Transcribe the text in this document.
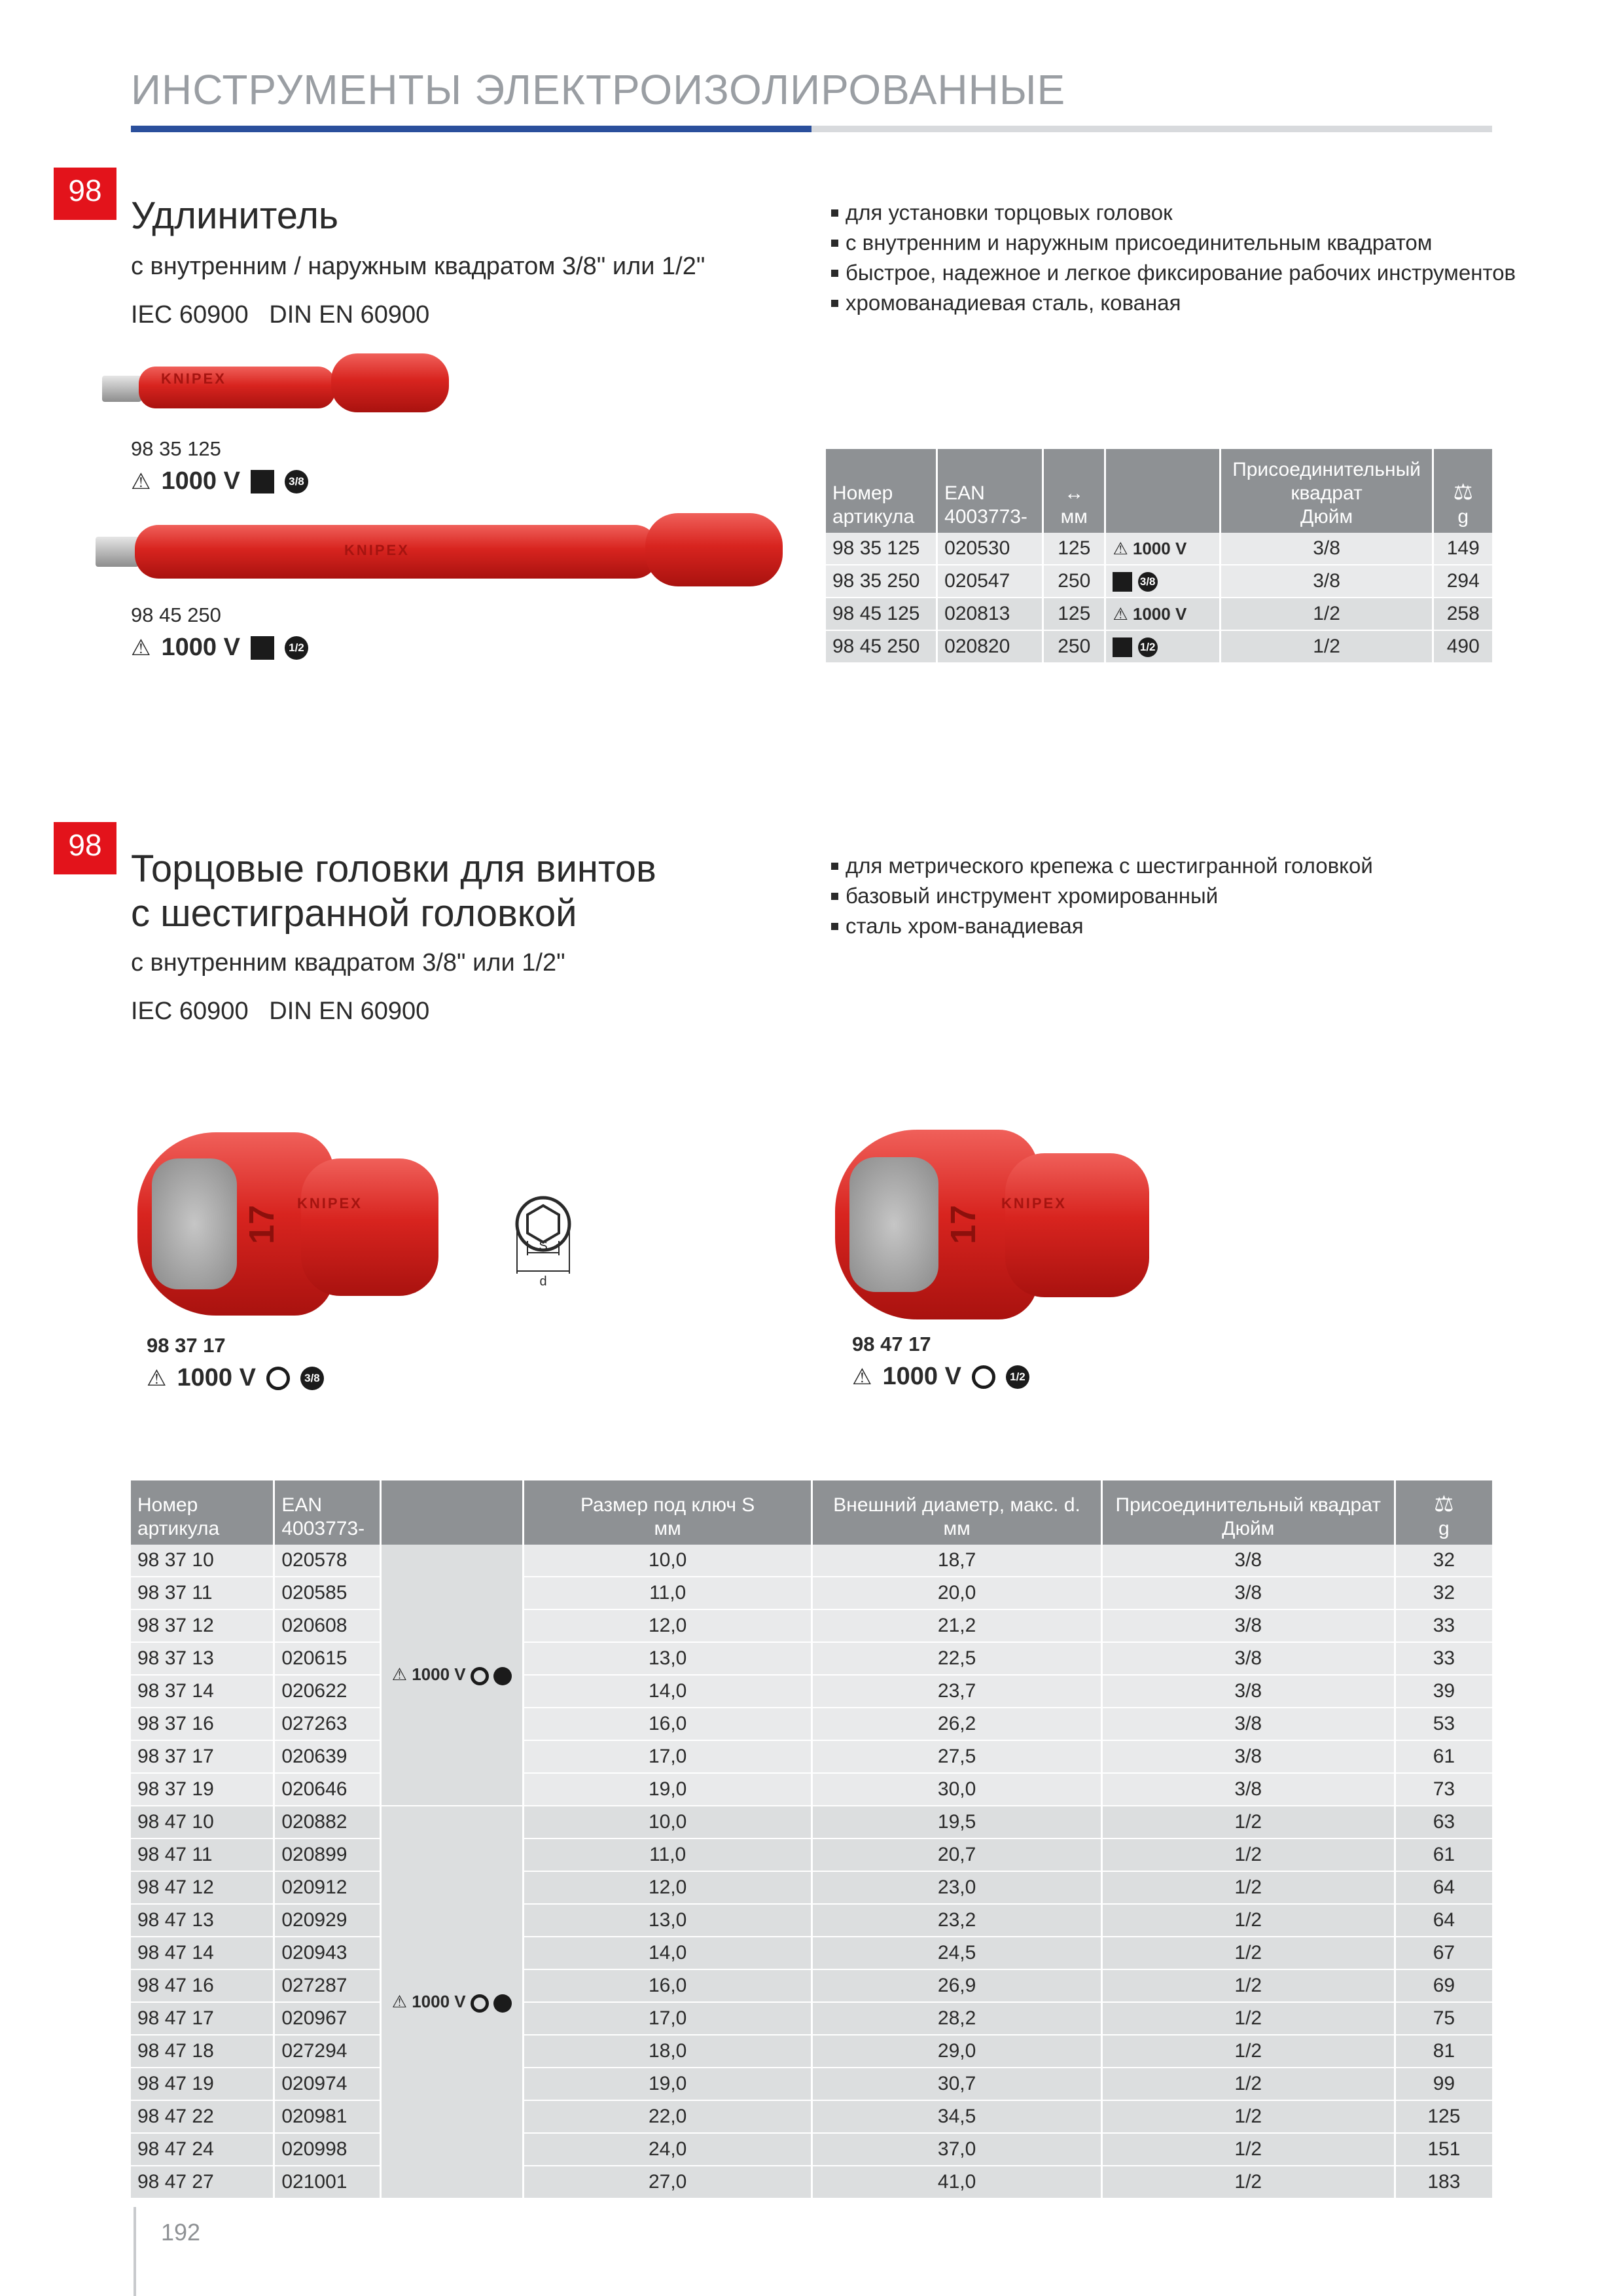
ИНСТРУМЕНТЫ ЭЛЕКТРОИЗОЛИРОВАННЫЕ
98
Удлинитель
с внутренним / наружным квадратом 3/8" или 1/2"
IEC 60900   DIN EN 60900
для установки торцовых головок
с внутренним и наружным присоединительным квадратом
быстрое, надежное и легкое фиксирование рабочих инструментов
хромованадиевая сталь, кованая
KNIPEX
98 35 125
⚠ 1000 V	3/8
KNIPEX
98 45 250
⚠ 1000 V	1/2
Номер
артикула	EAN
4003773-	↔
мм		Присоединительный
квадрат
Дюйм	⚖
g
98 35 125	020530	125	⚠ 1000 V	3/8	149
98 35 250	020547	250	3/8	3/8	294
98 45 125	020813	125	⚠ 1000 V	1/2	258
98 45 250	020820	250	1/2	1/2	490
98
Торцовые головки для винтов
с шестигранной головкой
с внутренним квадратом 3/8" или 1/2"
IEC 60900   DIN EN 60900
для метрического крепежа с шестигранной головкой
базовый инструмент хромированный
сталь хром-ванадиевая
17
KNIPEX
S
d
98 37 17
⚠ 1000 V	3/8
17
KNIPEX
98 47 17
⚠ 1000 V	1/2
Номер
артикула	EAN
4003773-		Размер под ключ S
мм	Внешний диаметр, макс. d.
мм	Присоединительный квадрат
Дюйм	⚖
g
98 37 10	020578	⚠ 1000 V	10,0	18,7	3/8	32
98 37 11	020585		11,0	20,0	3/8	32
98 37 12	020608		12,0	21,2	3/8	33
98 37 13	020615		13,0	22,5	3/8	33
98 37 14	020622		14,0	23,7	3/8	39
98 37 16	027263		16,0	26,2	3/8	53
98 37 17	020639		17,0	27,5	3/8	61
98 37 19	020646		19,0	30,0	3/8	73
98 47 10	020882	⚠ 1000 V	10,0	19,5	1/2	63
98 47 11	020899		11,0	20,7	1/2	61
98 47 12	020912		12,0	23,0	1/2	64
98 47 13	020929		13,0	23,2	1/2	64
98 47 14	020943		14,0	24,5	1/2	67
98 47 16	027287		16,0	26,9	1/2	69
98 47 17	020967		17,0	28,2	1/2	75
98 47 18	027294		18,0	29,0	1/2	81
98 47 19	020974		19,0	30,7	1/2	99
98 47 22	020981		22,0	34,5	1/2	125
98 47 24	020998		24,0	37,0	1/2	151
98 47 27	021001		27,0	41,0	1/2	183
192
